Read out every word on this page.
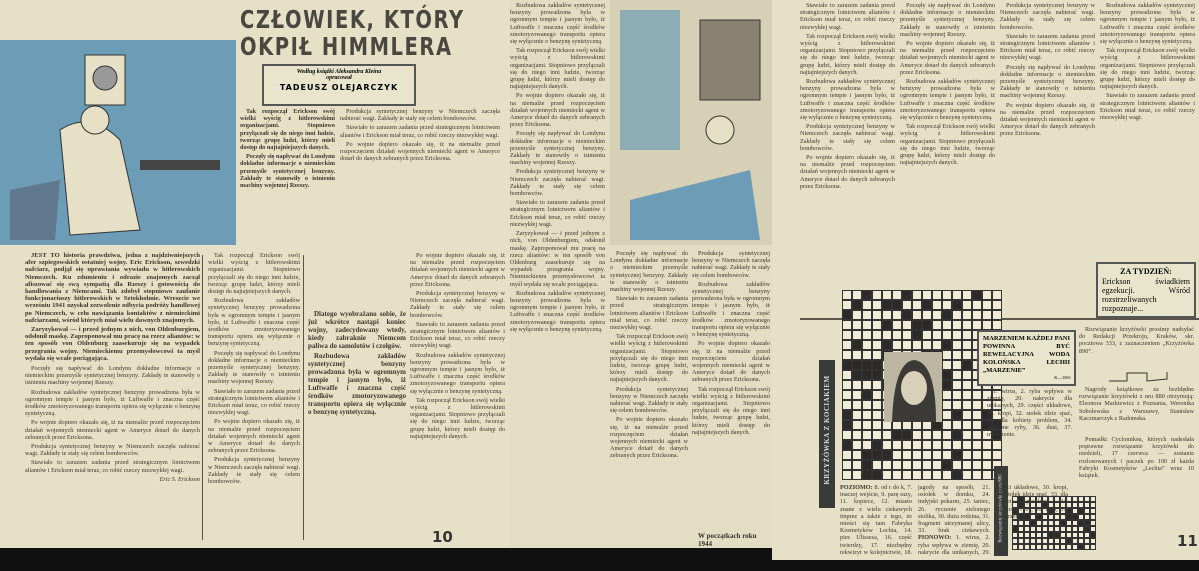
CZŁOWIEK, KTÓRY
OKPIŁ HIMMLERA
Według książki Aleksandra Kleina
opracował
TADEUSZ OLEJARCZYK

Tak rozpoczął Erickson swój wielki wyścig z hitlerowskimi organizacjami. Stopniowo przyłączali się do niego inni ludzie, tworząc grupę ludzi, którzy mieli dostęp do najtajniejszych danych.

Poczęły się napływać do Londynu dokładne informacje o niemieckim przemyśle syntetycznej benzyny. Zakłady te stanowiły o istnieniu machiny wojennej Rzeszy.

Produkcja syntetycznej benzyny w Niemczech zaczęła nabierać wagi. Zakłady te stały się celem bombowców.

Stawiało to zarazem zadania przed strategicznym lotnictwem aliantów i Erickson miał teraz, co robić rzeczy niezwykłej wagi.

Po wojnie dopiero okazało się, iż na niemalże przed rozpoczęciem działań wojennych niemiecki agent w Ameryce dotarł do danych zebranych przez Ericksona.

JEST TO historia prawdziwa, jedna z najdziwniejszych afer szpiegowskich ostatniej wojny. Eric Erickson, szwedzki nafciarz, podjął się uprawiania wywiadu w hitlerowskich Niemczech. Ku zdumieniu i odrazie znajomych zaczął afiszować się swą sympatią dla Rzeszy i gotowością do handlowania z Niemcami. Tak zdobył stopniowo zaufanie funkcjonariuszy hitlerowskich w Sztokholmie. Wreszcie we wrześniu 1941 uzyskał zezwolenie odbycia podróży handlowej po Niemczech, w celu nawiązania kontaktów z niemieckimi nafciarzami, wśród których miał wielu dawnych znajomych.

Zaryzykował — i przed jednym z nich, von Oldenburgiem, odsłonił maskę. Zaproponował mu pracę na rzecz aliantów: w ten sposób von Oldenburg zaasekuruje się na wypadek przegrania wojny. Niemieckiemu przemysłowcowi ta myśl wydała się wcale pociągająca.

Tak rozpoczął Erickson swój wielki wyścig z hitlerowskimi organizacjami. Stopniowo przyłączali się do niego inni ludzie, tworząc grupę ludzi, którzy mieli dostęp do najtajniejszych danych.

Rozbudowa zakładów syntetycznej benzyny prowadzona była w ogromnym tempie i jasnym było, iż Luftwaffe i znaczna część środków zmotoryzowanego transportu opiera się wyłącznie o benzynę syntetyczną.

Poczęły się napływać do Londynu dokładne informacje o niemieckim przemyśle syntetycznej benzyny. Zakłady te stanowiły o istnieniu machiny wojennej Rzeszy.

Stawiało to zarazem zadania przed strategicznym lotnictwem aliantów i Erickson miał teraz, co robić rzeczy niezwykłej wagi.

Po wojnie dopiero okazało się, iż na niemalże przed rozpoczęciem działań wojennych niemiecki agent w Ameryce dotarł do danych zebranych przez Ericksona.

Produkcja syntetycznej benzyny w Niemczech zaczęła nabierać wagi. Zakłady te stały się celem bombowców.

Dlatego wyobrażano sobie, że już wkrótce nastąpi koniec wojny, zadecydowany wtedy, kiedy zabraknie Niemcom paliwa do samolotów i czołgów.

Rozbudowa zakładów syntetycznej benzyny prowadzona była w ogromnym tempie i jasnym było, iż Luftwaffe i znaczna część środków zmotoryzowanego transportu opiera się wyłącznie o benzynę syntetyczną.

Po wojnie dopiero okazało się, iż na niemalże przed rozpoczęciem działań wojennych niemiecki agent w Ameryce dotarł do danych zebranych przez Ericksona.

Produkcja syntetycznej benzyny w Niemczech zaczęła nabierać wagi. Zakłady te stały się celem bombowców.

Stawiało to zarazem zadania przed strategicznym lotnictwem aliantów i Erickson miał teraz, co robić rzeczy niezwykłej wagi.

Rozbudowa zakładów syntetycznej benzyny prowadzona była w ogromnym tempie i jasnym było, iż Luftwaffe i znaczna część środków zmotoryzowanego transportu opiera się wyłącznie o benzynę syntetyczną.

Tak rozpoczął Erickson swój wielki wyścig z hitlerowskimi organizacjami. Stopniowo przyłączali się do niego inni ludzie, tworząc grupę ludzi, którzy mieli dostęp do najtajniejszych danych.

Poczęły się napływać do Londynu dokładne informacje o niemieckim przemyśle syntetycznej benzyny. Zakłady te stanowiły o istnieniu machiny wojennej Rzeszy.

Rozbudowa zakładów syntetycznej benzyny prowadzona była w ogromnym tempie i jasnym było, iż Luftwaffe i znaczna część środków zmotoryzowanego transportu opiera się wyłącznie o benzynę syntetyczną.

Po wojnie dopiero okazało się, iż na niemalże przed rozpoczęciem działań wojennych niemiecki agent w Ameryce dotarł do danych zebranych przez Ericksona.

Produkcja syntetycznej benzyny w Niemczech zaczęła nabierać wagi. Zakłady te stały się celem bombowców.

Stawiało to zarazem zadania przed strategicznym lotnictwem aliantów i Erickson miał teraz, co robić rzeczy niezwykłej wagi.

Eric S. Erickson

10

Rozbudowa zakładów syntetycznej benzyny prowadzona była w ogromnym tempie i jasnym było, iż Luftwaffe i znaczna część środków zmotoryzowanego transportu opiera się wyłącznie o benzynę syntetyczną.

Tak rozpoczął Erickson swój wielki wyścig z hitlerowskimi organizacjami. Stopniowo przyłączali się do niego inni ludzie, tworząc grupę ludzi, którzy mieli dostęp do najtajniejszych danych.

Po wojnie dopiero okazało się, iż na niemalże przed rozpoczęciem działań wojennych niemiecki agent w Ameryce dotarł do danych zebranych przez Ericksona.

Poczęły się napływać do Londynu dokładne informacje o niemieckim przemyśle syntetycznej benzyny. Zakłady te stanowiły o istnieniu machiny wojennej Rzeszy.

Produkcja syntetycznej benzyny w Niemczech zaczęła nabierać wagi. Zakłady te stały się celem bombowców.

Stawiało to zarazem zadania przed strategicznym lotnictwem aliantów i Erickson miał teraz, co robić rzeczy niezwykłej wagi.

Zaryzykował — i przed jednym z nich, von Oldenburgiem, odsłonił maskę. Zaproponował mu pracę na rzecz aliantów: w ten sposób von Oldenburg zaasekuruje się na wypadek przegrania wojny. Niemieckiemu przemysłowcowi ta myśl wydała się wcale pociągająca.

Rozbudowa zakładów syntetycznej benzyny prowadzona była w ogromnym tempie i jasnym było, iż Luftwaffe i znaczna część środków zmotoryzowanego transportu opiera się wyłącznie o benzynę syntetyczną.

Poczęły się napływać do Londynu dokładne informacje o niemieckim przemyśle syntetycznej benzyny. Zakłady te stanowiły o istnieniu machiny wojennej Rzeszy.

Stawiało to zarazem zadania przed strategicznym lotnictwem aliantów i Erickson miał teraz, co robić rzeczy niezwykłej wagi.

Tak rozpoczął Erickson swój wielki wyścig z hitlerowskimi organizacjami. Stopniowo przyłączali się do niego inni ludzie, tworząc grupę ludzi, którzy mieli dostęp do najtajniejszych danych.

Produkcja syntetycznej benzyny w Niemczech zaczęła nabierać wagi. Zakłady te stały się celem bombowców.

Po wojnie dopiero okazało się, iż na niemalże przed rozpoczęciem działań wojennych niemiecki agent w Ameryce dotarł do danych zebranych przez Ericksona.

Produkcja syntetycznej benzyny w Niemczech zaczęła nabierać wagi. Zakłady te stały się celem bombowców.

Rozbudowa zakładów syntetycznej benzyny prowadzona była w ogromnym tempie i jasnym było, iż Luftwaffe i znaczna część środków zmotoryzowanego transportu opiera się wyłącznie o benzynę syntetyczną.

Po wojnie dopiero okazało się, iż na niemalże przed rozpoczęciem działań wojennych niemiecki agent w Ameryce dotarł do danych zebranych przez Ericksona.

Tak rozpoczął Erickson swój wielki wyścig z hitlerowskimi organizacjami. Stopniowo przyłączali się do niego inni ludzie, tworząc grupę ludzi, którzy mieli dostęp do najtajniejszych danych.

W początkach roku 1944

Stawiało to zarazem zadania przed strategicznym lotnictwem aliantów i Erickson miał teraz, co robić rzeczy niezwykłej wagi.

Tak rozpoczął Erickson swój wielki wyścig z hitlerowskimi organizacjami. Stopniowo przyłączali się do niego inni ludzie, tworząc grupę ludzi, którzy mieli dostęp do najtajniejszych danych.

Rozbudowa zakładów syntetycznej benzyny prowadzona była w ogromnym tempie i jasnym było, iż Luftwaffe i znaczna część środków zmotoryzowanego transportu opiera się wyłącznie o benzynę syntetyczną.

Produkcja syntetycznej benzyny w Niemczech zaczęła nabierać wagi. Zakłady te stały się celem bombowców.

Po wojnie dopiero okazało się, iż na niemalże przed rozpoczęciem działań wojennych niemiecki agent w Ameryce dotarł do danych zebranych przez Ericksona.

Poczęły się napływać do Londynu dokładne informacje o niemieckim przemyśle syntetycznej benzyny. Zakłady te stanowiły o istnieniu machiny wojennej Rzeszy.

Po wojnie dopiero okazało się, iż na niemalże przed rozpoczęciem działań wojennych niemiecki agent w Ameryce dotarł do danych zebranych przez Ericksona.

Rozbudowa zakładów syntetycznej benzyny prowadzona była w ogromnym tempie i jasnym było, iż Luftwaffe i znaczna część środków zmotoryzowanego transportu opiera się wyłącznie o benzynę syntetyczną.

Tak rozpoczął Erickson swój wielki wyścig z hitlerowskimi organizacjami. Stopniowo przyłączali się do niego inni ludzie, tworząc grupę ludzi, którzy mieli dostęp do najtajniejszych danych.

Produkcja syntetycznej benzyny w Niemczech zaczęła nabierać wagi. Zakłady te stały się celem bombowców.

Stawiało to zarazem zadania przed strategicznym lotnictwem aliantów i Erickson miał teraz, co robić rzeczy niezwykłej wagi.

Poczęły się napływać do Londynu dokładne informacje o niemieckim przemyśle syntetycznej benzyny. Zakłady te stanowiły o istnieniu machiny wojennej Rzeszy.

Po wojnie dopiero okazało się, iż na niemalże przed rozpoczęciem działań wojennych niemiecki agent w Ameryce dotarł do danych zebranych przez Ericksona.

Rozbudowa zakładów syntetycznej benzyny prowadzona była w ogromnym tempie i jasnym było, iż Luftwaffe i znaczna część środków zmotoryzowanego transportu opiera się wyłącznie o benzynę syntetyczną.

Tak rozpoczął Erickson swój wielki wyścig z hitlerowskimi organizacjami. Stopniowo przyłączali się do niego inni ludzie, tworząc grupę ludzi, którzy mieli dostęp do najtajniejszych danych.

Stawiało to zarazem zadania przed strategicznym lotnictwem aliantów i Erickson miał teraz, co robić rzeczy niezwykłej wagi.

ZA TYDZIEŃ:
Erickson świadkiem egzekucji. Wśród rozstrzeliwanych rozpoznaje...
KRZYŻÓWKA Z KOCIAKIEM
MARZENIEM KAŻDEJ PANI POWINNA BYĆ REWELACYJNA WODA KOLOŃSKA LECHII „MARZENIE”
K—1061

1. wirus, 2. ryba wpływa w ziemię, 20. nakrycie dla unikanych, 29. części układowe, 30. kropi, 32. stołek idzie spać, 33. dla kobiety problem, 34. ulubione ryby, 36. dusi, 37. uwierzenie.

Rozwiązanie krzyżówki prosimy nadsyłać do Redakcji Przekroju, Kraków, skr. pocztowa 333, z zaznaczeniem „Krzyżówka 890”.

Nagrody książkowe za bezbłędne rozwiązanie krzyżówki z nru 880 otrzymują: Eleonora Markiewicz z Poznania, Weronika Sobolewska z Warszawy, Stanisław Kaczmarczyk z Radomska.

Pomadki Cyclomiksu, których nadesłała poprawne rozwiązanie krzyżówki do niedzieli, 17 czerwca — zostanie rozlosowanych i paczek po 100 zł każda Fabryki Kosmetyków „Lechia” wraz 10 książek.

Rozwiązanie krzyżówki z nru 880
POZIOMO: 8. od r do k, 7. inaczej wejście, 9. parę razy, 11. kopiecz, 12. miasto znane z wielu ciekawych imprez a także z tego, że mieści się tam Fabryka Kosmetyków Lechia, 14. pies Ulissesa, 16. część twierdzy, 17. niezbędny rekwizyt w kolejnictwie, 18. jagody na sposób, 21. osiołek w domku, 24. indyjski pokarm, 25. taniec, 26. ryczenie zielonego stolika, 30. duża rodzina, 31. fragment utrzymanej ulicy, 33. brak ciekawych. PIONOWO: 1. wirus, 2. ryba wpływa w ziemię, 20. nakrycie dla unikanych, 29. części układowe, 30. kropi, 32. stołek idzie spać, 33. dla kobiety problem, 34. ulubione ryby, 36. dusi, 37. uwierzenie.
11
